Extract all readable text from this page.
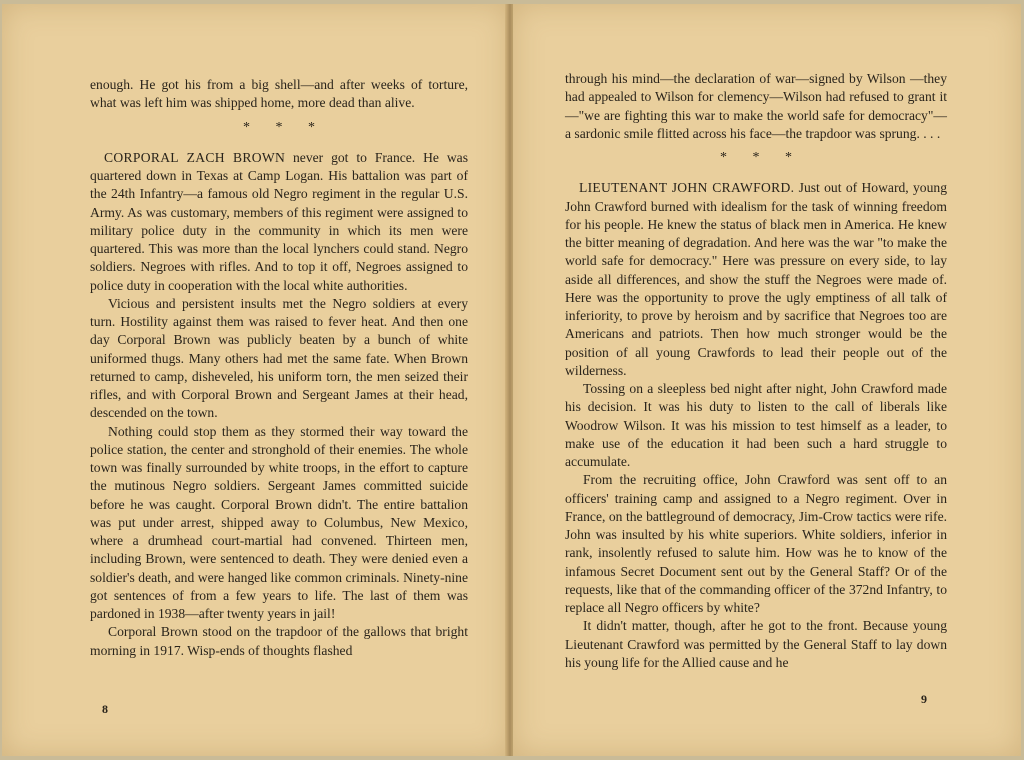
enough. He got his from a big shell—and after weeks of torture, what was left him was shipped home, more dead than alive.

* * *

CORPORAL ZACH BROWN never got to France. He was quartered down in Texas at Camp Logan. His battalion was part of the 24th Infantry—a famous old Negro regiment in the regular U.S. Army. As was customary, members of this regiment were assigned to military police duty in the community in which its men were quartered. This was more than the local lynchers could stand. Negro soldiers. Negroes with rifles. And to top it off, Negroes assigned to police duty in cooperation with the local white authorities.

Vicious and persistent insults met the Negro soldiers at every turn. Hostility against them was raised to fever heat. And then one day Corporal Brown was publicly beaten by a bunch of white uniformed thugs. Many others had met the same fate. When Brown returned to camp, disheveled, his uniform torn, the men seized their rifles, and with Corporal Brown and Sergeant James at their head, descended on the town.

Nothing could stop them as they stormed their way toward the police station, the center and stronghold of their enemies. The whole town was finally surrounded by white troops, in the effort to capture the mutinous Negro soldiers. Sergeant James committed suicide before he was caught. Corporal Brown didn't. The entire battalion was put under arrest, shipped away to Columbus, New Mexico, where a drumhead court-martial had convened. Thirteen men, including Brown, were sentenced to death. They were denied even a soldier's death, and were hanged like common criminals. Ninety-nine got sentences of from a few years to life. The last of them was pardoned in 1938—after twenty years in jail!

Corporal Brown stood on the trapdoor of the gallows that bright morning in 1917. Wisp-ends of thoughts flashed

8

through his mind—the declaration of war—signed by Wilson —they had appealed to Wilson for clemency—Wilson had refused to grant it—"we are fighting this war to make the world safe for democracy"—a sardonic smile flitted across his face—the trapdoor was sprung. . . .

* * *

LIEUTENANT JOHN CRAWFORD. Just out of Howard, young John Crawford burned with idealism for the task of winning freedom for his people. He knew the status of black men in America. He knew the bitter meaning of degradation. And here was the war "to make the world safe for democracy." Here was pressure on every side, to lay aside all differences, and show the stuff the Negroes were made of. Here was the opportunity to prove the ugly emptiness of all talk of inferiority, to prove by heroism and by sacrifice that Negroes too are Americans and patriots. Then how much stronger would be the position of all young Crawfords to lead their people out of the wilderness.

Tossing on a sleepless bed night after night, John Crawford made his decision. It was his duty to listen to the call of liberals like Woodrow Wilson. It was his mission to test himself as a leader, to make use of the education it had been such a hard struggle to accumulate.

From the recruiting office, John Crawford was sent off to an officers' training camp and assigned to a Negro regiment. Over in France, on the battleground of democracy, Jim-Crow tactics were rife. John was insulted by his white superiors. White soldiers, inferior in rank, insolently refused to salute him. How was he to know of the infamous Secret Document sent out by the General Staff? Or of the requests, like that of the commanding officer of the 372nd Infantry, to replace all Negro officers by white?

It didn't matter, though, after he got to the front. Because young Lieutenant Crawford was permitted by the General Staff to lay down his young life for the Allied cause and he

9
